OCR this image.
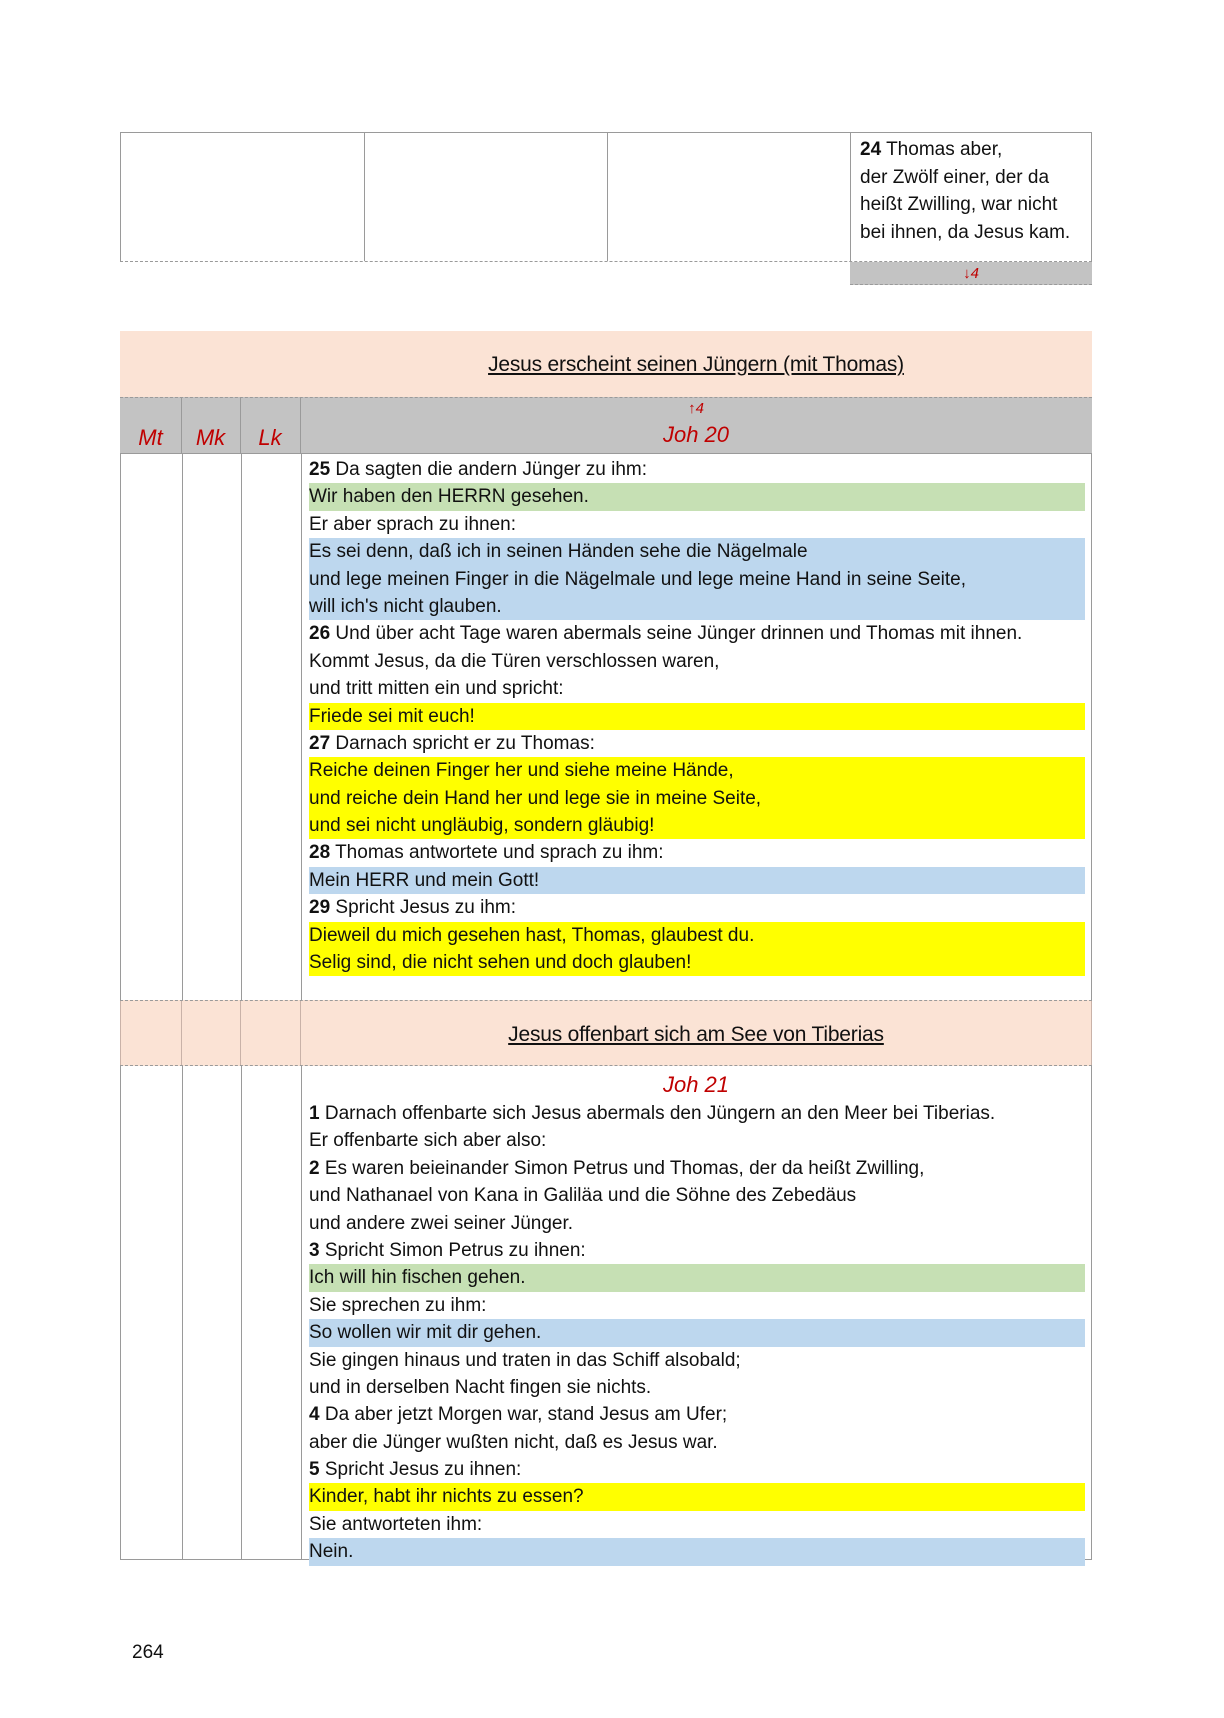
24 Thomas aber,
der Zwölf einer, der da
heißt Zwilling, war nicht
bei ihnen, da Jesus kam.
↓4
Jesus erscheint seinen Jüngern (mit Thomas)
Mt	Mk	Lk
↑4
Joh 20
25 Da sagten die andern Jünger zu ihm:
Wir haben den HERRN gesehen.
Er aber sprach zu ihnen:
Es sei denn, daß ich in seinen Händen sehe die Nägelmale
und lege meinen Finger in die Nägelmale und lege meine Hand in seine Seite,
will ich's nicht glauben.
26 Und über acht Tage waren abermals seine Jünger drinnen und Thomas mit ihnen.
Kommt Jesus, da die Türen verschlossen waren,
und tritt mitten ein und spricht:
Friede sei mit euch!
27 Darnach spricht er zu Thomas:
Reiche deinen Finger her und siehe meine Hände,
und reiche dein Hand her und lege sie in meine Seite,
und sei nicht ungläubig, sondern gläubig!
28 Thomas antwortete und sprach zu ihm:
Mein HERR und mein Gott!
29 Spricht Jesus zu ihm:
Dieweil du mich gesehen hast, Thomas, glaubest du.
Selig sind, die nicht sehen und doch glauben!
Jesus offenbart sich am See von Tiberias
Joh 21
1 Darnach offenbarte sich Jesus abermals den Jüngern an den Meer bei Tiberias.
Er offenbarte sich aber also:
2 Es waren beieinander Simon Petrus und Thomas, der da heißt Zwilling,
und Nathanael von Kana in Galiläa und die Söhne des Zebedäus
und andere zwei seiner Jünger.
3 Spricht Simon Petrus zu ihnen:
Ich will hin fischen gehen.
Sie sprechen zu ihm:
So wollen wir mit dir gehen.
Sie gingen hinaus und traten in das Schiff alsobald;
und in derselben Nacht fingen sie nichts.
4 Da aber jetzt Morgen war, stand Jesus am Ufer;
aber die Jünger wußten nicht, daß es Jesus war.
5 Spricht Jesus zu ihnen:
Kinder, habt ihr nichts zu essen?
Sie antworteten ihm:
Nein.
264
